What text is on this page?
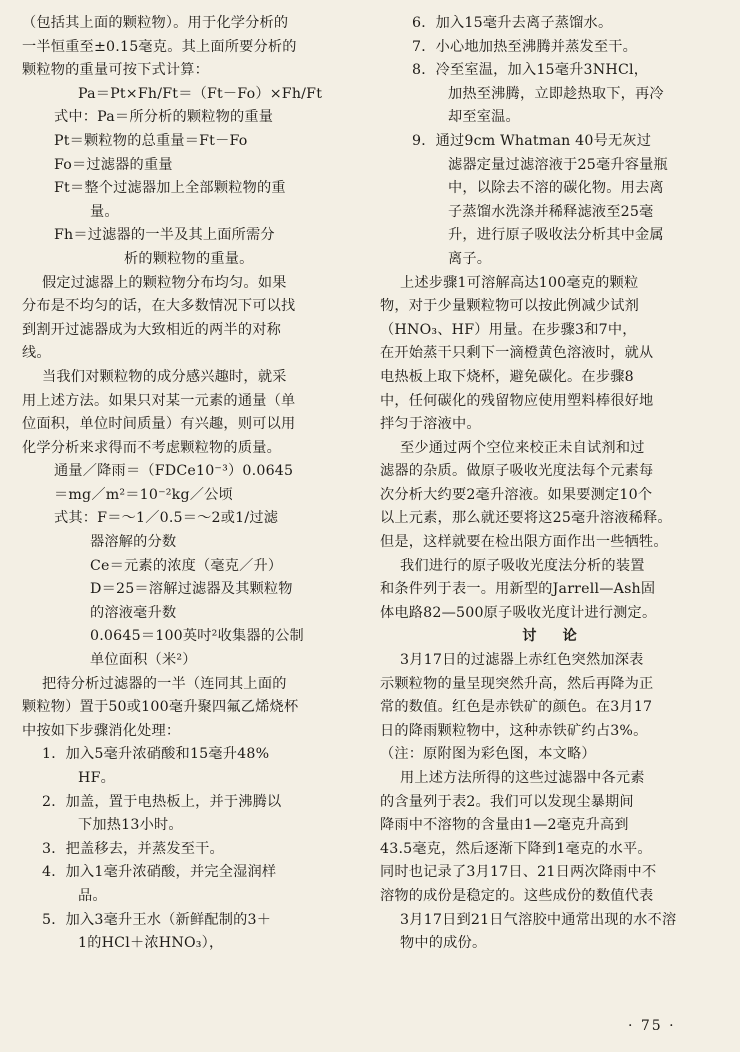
（包括其上面的颗粒物）。用于化学分析的
一半恒重至±0.15毫克。其上面所要分析的
颗粒物的重量可按下式计算：
Pa＝Pt×Fh/Ft＝（Ft－Fo）×Fh/Ft
式中：Pa＝所分析的颗粒物的重量
Pt＝颗粒物的总重量＝Ft－Fo
Fo＝过滤器的重量
Ft＝整个过滤器加上全部颗粒物的重
量。
Fh＝过滤器的一半及其上面所需分
析的颗粒物的重量。
假定过滤器上的颗粒物分布均匀。如果
分布是不均匀的话，在大多数情况下可以找
到割开过滤器成为大致相近的两半的对称
线。
当我们对颗粒物的成分感兴趣时，就采
用上述方法。如果只对某一元素的通量（单
位面积，单位时间质量）有兴趣，则可以用
化学分析来求得而不考虑颗粒物的质量。
通量／降雨＝（FDCe10⁻³）0.0645
＝mg／m²＝10⁻²kg／公顷
式其：F＝～1／0.5＝～2或1/过滤
器溶解的分数
Ce＝元素的浓度（毫克／升）
D＝25＝溶解过滤器及其颗粒物
的溶液毫升数
0.0645＝100英吋²收集器的公制
单位面积（米²）
把待分析过滤器的一半（连同其上面的
颗粒物）置于50或100毫升聚四氟乙烯烧杯
中按如下步骤消化处理：
1．加入5毫升浓硝酸和15毫升48%
HF。
2．加盖，置于电热板上，并于沸腾以
下加热13小时。
3．把盖移去，并蒸发至干。
4．加入1毫升浓硝酸，并完全湿润样
品。
5．加入3毫升王水（新鲜配制的3＋
1的HCl＋浓HNO₃），
6．加入15毫升去离子蒸馏水。
7．小心地加热至沸腾并蒸发至干。
8．冷至室温，加入15毫升3NHCl，
加热至沸腾，立即趁热取下，再冷
却至室温。
9．通过9cm Whatman 40号无灰过
滤器定量过滤溶液于25毫升容量瓶
中，以除去不溶的碳化物。用去离
子蒸馏水洗涤并稀释滤液至25毫
升，进行原子吸收法分析其中金属
离子。
上述步骤1可溶解高达100毫克的颗粒
物，对于少量颗粒物可以按此例减少试剂
（HNO₃、HF）用量。在步骤3和7中，
在开始蒸干只剩下一滴橙黄色溶液时，就从
电热板上取下烧杯，避免碳化。在步骤8
中，任何碳化的残留物应使用塑料棒很好地
拌匀于溶液中。
至少通过两个空位来校正未自试剂和过
滤器的杂质。做原子吸收光度法每个元素每
次分析大约要2毫升溶液。如果要测定10个
以上元素，那么就还要将这25毫升溶液稀释。
但是，这样就要在检出限方面作出一些牺牲。
我们进行的原子吸收光度法分析的装置
和条件列于表一。用新型的Jarrell—Ash固
体电路82—500原子吸收光度计进行测定。
讨　论
3月17日的过滤器上赤红色突然加深表
示颗粒物的量呈现突然升高，然后再降为正
常的数值。红色是赤铁矿的颜色。在3月17
日的降雨颗粒物中，这种赤铁矿约占3%。
（注：原附图为彩色图，本文略）
用上述方法所得的这些过滤器中各元素
的含量列于表2。我们可以发现尘暴期间
降雨中不溶物的含量由1—2毫克升高到
43.5毫克，然后逐渐下降到1毫克的水平。
同时也记录了3月17日、21日两次降雨中不
溶物的成份是稳定的。这些成份的数值代表
3月17日到21日气溶胶中通常出现的水不溶
物中的成份。
· 75 ·
